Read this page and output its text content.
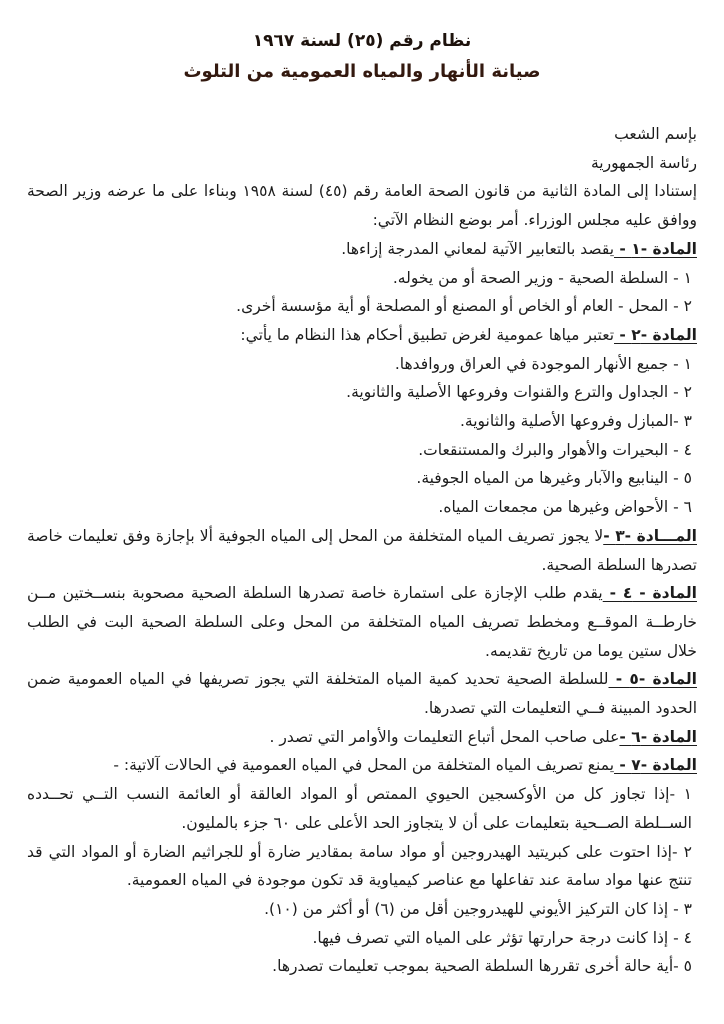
نظام رقم (٢٥) لسنة ١٩٦٧
صيانة الأنهار والمياه العمومية من التلوث

بإسم الشعب

رئاسة الجمهورية

إستنادا إلى المادة الثانية من قانون الصحة العامة رقم (٤٥) لسنة ١٩٥٨ وبناءا على ما عرضه وزير الصحة ووافق عليه مجلس الوزراء. أمر بوضع النظام الآتي:

المادة -١ - يقصد بالتعابير الآتية لمعاني المدرجة إزاءها.

١ - السلطة الصحية - وزير الصحة أو من يخوله.

٢ - المحل - العام أو الخاص أو المصنع أو المصلحة أو أية مؤسسة أخرى.

المادة -٢ - تعتبر مياها عمومية لغرض تطبيق أحكام هذا النظام ما يأتي:

١ - جميع الأنهار الموجودة في العراق وروافدها.

٢ - الجداول والترع والقنوات وفروعها الأصلية والثانوية.

٣ -المبازل وفروعها الأصلية والثانوية.

٤ - البحيرات والأهوار والبرك والمستنقعات.

٥ - الينابيع والآبار وغيرها من المياه الجوفية.

٦ - الأحواض وغيرها من مجمعات المياه.

المـــادة -٣ -لا يجوز تصريف المياه المتخلفة من المحل إلى المياه الجوفية ألا بإجازة وفق تعليمات خاصة تصدرها السلطة الصحية.

المادة - ٤ - يقدم طلب الإجازة على استمارة خاصة تصدرها السلطة الصحية مصحوبة بنســختين مــن خارطــة الموقــع ومخطط تصريف المياه المتخلفة من المحل وعلى السلطة الصحية البت في الطلب خلال ستين يوما من تاريخ تقديمه.

المادة -٥ - للسلطة الصحية تحديد كمية المياه المتخلفة التي يجوز تصريفها في المياه العمومية ضمن الحدود المبينة فــي التعليمات التي تصدرها.

المادة -٦ -على صاحب المحل أتباع التعليمات والأوامر التي تصدر .

المادة -٧ - يمنع تصريف المياه المتخلفة من المحل في المياه العمومية في الحالات آلاتية: -

١ -إذا تجاوز كل من الأوكسجين الحيوي الممتص أو المواد العالقة أو العائمة النسب التــي تحــدده الســلطة الصــحية بتعليمات على أن لا يتجاوز الحد الأعلى على ٦٠ جزء بالمليون.

٢ -إذا احتوت على كبريتيد الهيدروجين أو مواد سامة بمقادير ضارة أو للجراثيم الضارة أو المواد التي قد تنتج عنها مواد سامة عند تفاعلها مع عناصر كيمياوية قد تكون موجودة في المياه العمومية.

٣ - إذا كان التركيز الأيوني للهيدروجين أقل من (٦) أو أكثر من (١٠).

٤ - إذا كانت درجة حرارتها تؤثر على المياه التي تصرف فيها.

٥ -أية حالة أخرى تقررها السلطة الصحية بموجب تعليمات تصدرها.
